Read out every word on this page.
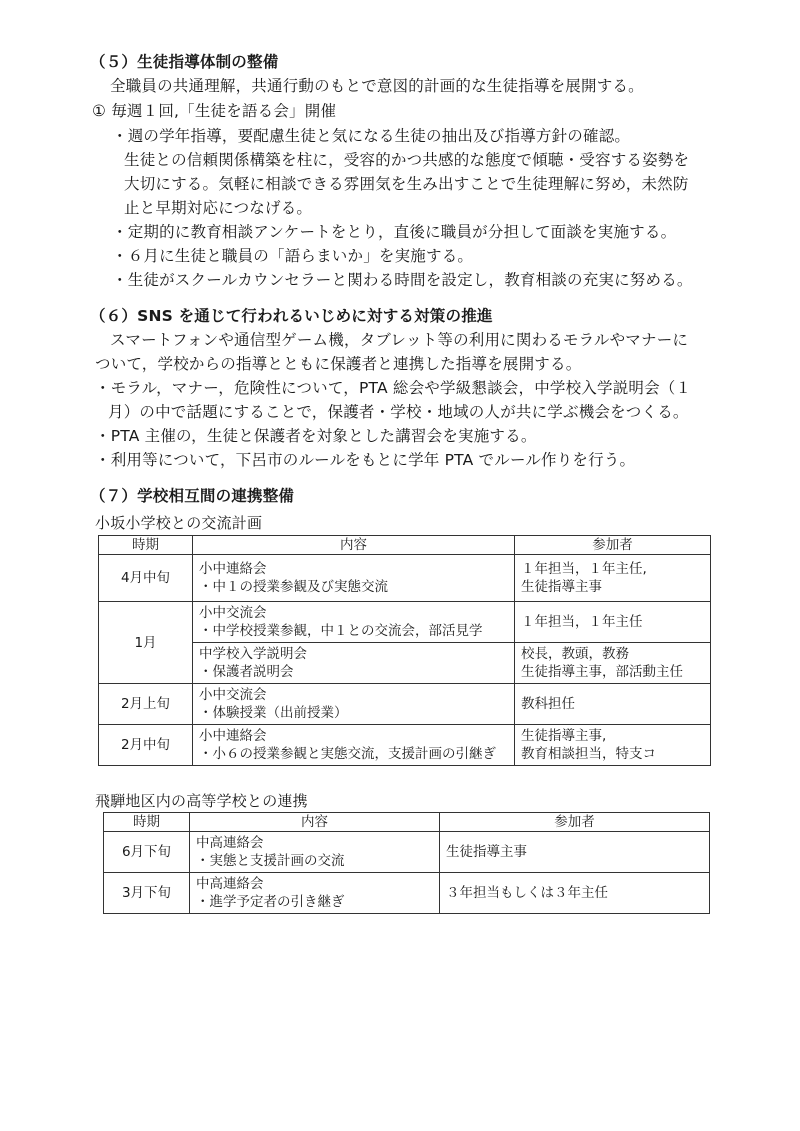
（５）生徒指導体制の整備
全職員の共通理解，共通行動のもとで意図的計画的な生徒指導を展開する。
① 毎週１回,「生徒を語る会」開催
・週の学年指導，要配慮生徒と気になる生徒の抽出及び指導方針の確認。
生徒との信頼関係構築を柱に，受容的かつ共感的な態度で傾聴・受容する姿勢を
大切にする。気軽に相談できる雰囲気を生み出すことで生徒理解に努め，未然防
止と早期対応につなげる。
・定期的に教育相談アンケートをとり，直後に職員が分担して面談を実施する。
・６月に生徒と職員の「語らまいか」を実施する。
・生徒がスクールカウンセラーと関わる時間を設定し，教育相談の充実に努める。
（６）SNS を通じて行われるいじめに対する対策の推進
スマートフォンや通信型ゲーム機，タブレット等の利用に関わるモラルやマナーに
ついて，学校からの指導とともに保護者と連携した指導を展開する。
・モラル，マナー，危険性について，PTA 総会や学級懇談会，中学校入学説明会（１
月）の中で話題にすることで，保護者・学校・地域の人が共に学ぶ機会をつくる。
・PTA 主催の，生徒と保護者を対象とした講習会を実施する。
・利用等について，下呂市のルールをもとに学年 PTA でルール作りを行う。
（７）学校相互間の連携整備
小坂小学校との交流計画
時期	内容	参加者
4月中旬	小中連絡会
・中１の授業参観及び実態交流	１年担当，１年主任,
生徒指導主事

1月	小中交流会
・中学校授業参観，中１との交流会，部活見学	１年担当，１年主任

	中学校入学説明会
・保護者説明会	校長，教頭，教務
生徒指導主事，部活動主任

2月上旬	小中交流会
・体験授業（出前授業）	教科担任

2月中旬	小中連絡会
・小６の授業参観と実態交流，支援計画の引継ぎ	生徒指導主事,
教育相談担当，特支コ
飛騨地区内の高等学校との連携
時期	内容	参加者
6月下旬	中高連絡会
・実態と支援計画の交流	生徒指導主事

3月下旬	中高連絡会
・進学予定者の引き継ぎ	３年担当もしくは３年主任
